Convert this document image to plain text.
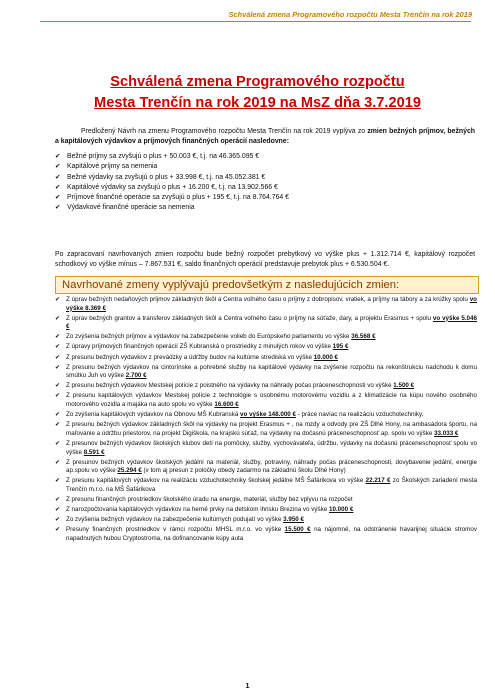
Schválená zmena Programového rozpočtu Mesta Trenčín na rok 2019
Schválená zmena Programového rozpočtu
Mesta Trenčín na rok 2019 na MsZ dňa 3.7.2019
Predložený Návrh na zmenu Programového rozpočtu Mesta Trenčín na rok 2019 vyplýva zo zmien bežných príjmov, bežných a kapitálových výdavkov a príjmových finančných operácií nasledovne:
✔ Bežné príjmy sa zvyšujú o plus + 50.003 €, t.j. na 46.365.095 €
✔ Kapitálové príjmy sa nemenia
✔ Bežné výdavky sa zvyšujú o plus + 33.998 €, t.j. na 45.052.381 €
✔ Kapitálové výdavky sa zvyšujú o plus + 16.200 €, t.j. na 13.902.566 €
✔ Príjmové finančné operácie sa zvyšujú o plus + 195 €, t.j. na 8.764.764 €
✔ Výdavkové finančné operácie sa nemenia
Po zapracovaní navrhovaných zmien rozpočtu bude bežný rozpočet prebytkový vo výške plus + 1.312.714 €, kapitálový rozpočet schodkový vo výške mínus – 7.867.531 €, saldo finančných operácií predstavuje prebytok plus + 6.530.504 €.
Navrhované zmeny vyplývajú predovšetkým z nasledujúcich zmien:
✔ Z úprav bežných nedaňových príjmov základných škôl a Centra voľného času o príjmy z dobropisov, vratiek, a príjmy na tábory a za krúžky spolu vo výške 8.369 €
✔ Z úprav bežných grantov a transferov základných škôl a Centra voľného času o príjmy na súťaže, dary, a projektu Erasmus + spolu vo výške 5.046 €
✔ Zo zvýšenia bežných príjmov a výdavkov na zabezpečenie volieb do Európskeho parlamentu vo výške 36.568 €
✔ Z úpravy príjmových finančných operácií ZŠ Kubranská o prostriedky z minulých rokov vo výške 195 €
✔ Z presunu bežných výdavkov z prevádzky a údržby budov na kultúrne strediská vo výške 10.000 €
✔ Z presunu bežných výdavkov na cintorínske a pohrebné služby na kapitálové výdavky na zvýšenie rozpočtu na rekonštrukciu nadchodu k domu smútku Juh vo výške 2.700 €
✔ Z presunu bežných výdavkov Mestskej polície z poistného na výdavky na náhrady počas práceneschopnosti vo výške 1.500 €
✔ Z presunu kapitálových výdavkov Mestskej polície z technológie s osobnému motorovému vozidlu a z klimatizácie na kúpu nového osobného motorového vozidla a majáka na auto spolu vo výške 16.600 €
✔ Zo zvýšenia kapitálových výdavkov na Obnovu MŠ Kubranská vo výške 148.000 € - práce navíac na realizáciu vzduchotechniky.
✔ Z presunu bežných výdavkov základných škôl na výdavky na projekt Erasmus + , na mzdy a odvody pre ZŠ Dlhé Hony, na ambasádora športu, na maľovanie a údržbu priestorov, na projekt Digiškola, na krajskú súťaž, na výdavky na dočasnú práceneschopnosť ap. spolu vo výške 33.033 €
✔ Z presunov bežných výdavkov školských klubov detí na pomôcky, služby, vychovávateľa, údržbu, výdavky na dočasnú práceneschopnosť spolu vo výške 8.591 €
✔ Z presunov bežných výdavkov školských jedální na materiál, služby, potraviny, náhrady počas práceneschopnosti, dovybavenie jedální, energie ap.spolu vo výške 25.294 € (v tom aj presun z poločky obedy zadarmo na základnú školu Dlhé Hony)
✔ Z presunu kapitálových výdavkov na realizáciu vzduchotechniky školskej jedálne MŠ Šafárikova vo výške 22.217 € zo Školských zariadení mesta Trenčín m.r.o. na MŠ Šafárikova
✔ Z presunu finančných prostriedkov školského úradu na energie, materiál, služby bez vplyvu na rozpočet
✔ Z narozpočtovania kapitálových výdavkov na herné prvky na detskom ihrisku Brezina vo výške 10.000 €
✔ Zo zvýšenia bežných výdavkov na zabezpečenie kultúrnych podujatí vo výške 3.950 €
✔ Presuny finančných prostriedkov v rámci rozpočtu MHSL m.r.o. vo výške 15.500 € na nájomné, na odstránenie havarijnej situácie stromov napadnutých hubou Cryptostroma, na dofinancovanie kúpy auta
1
